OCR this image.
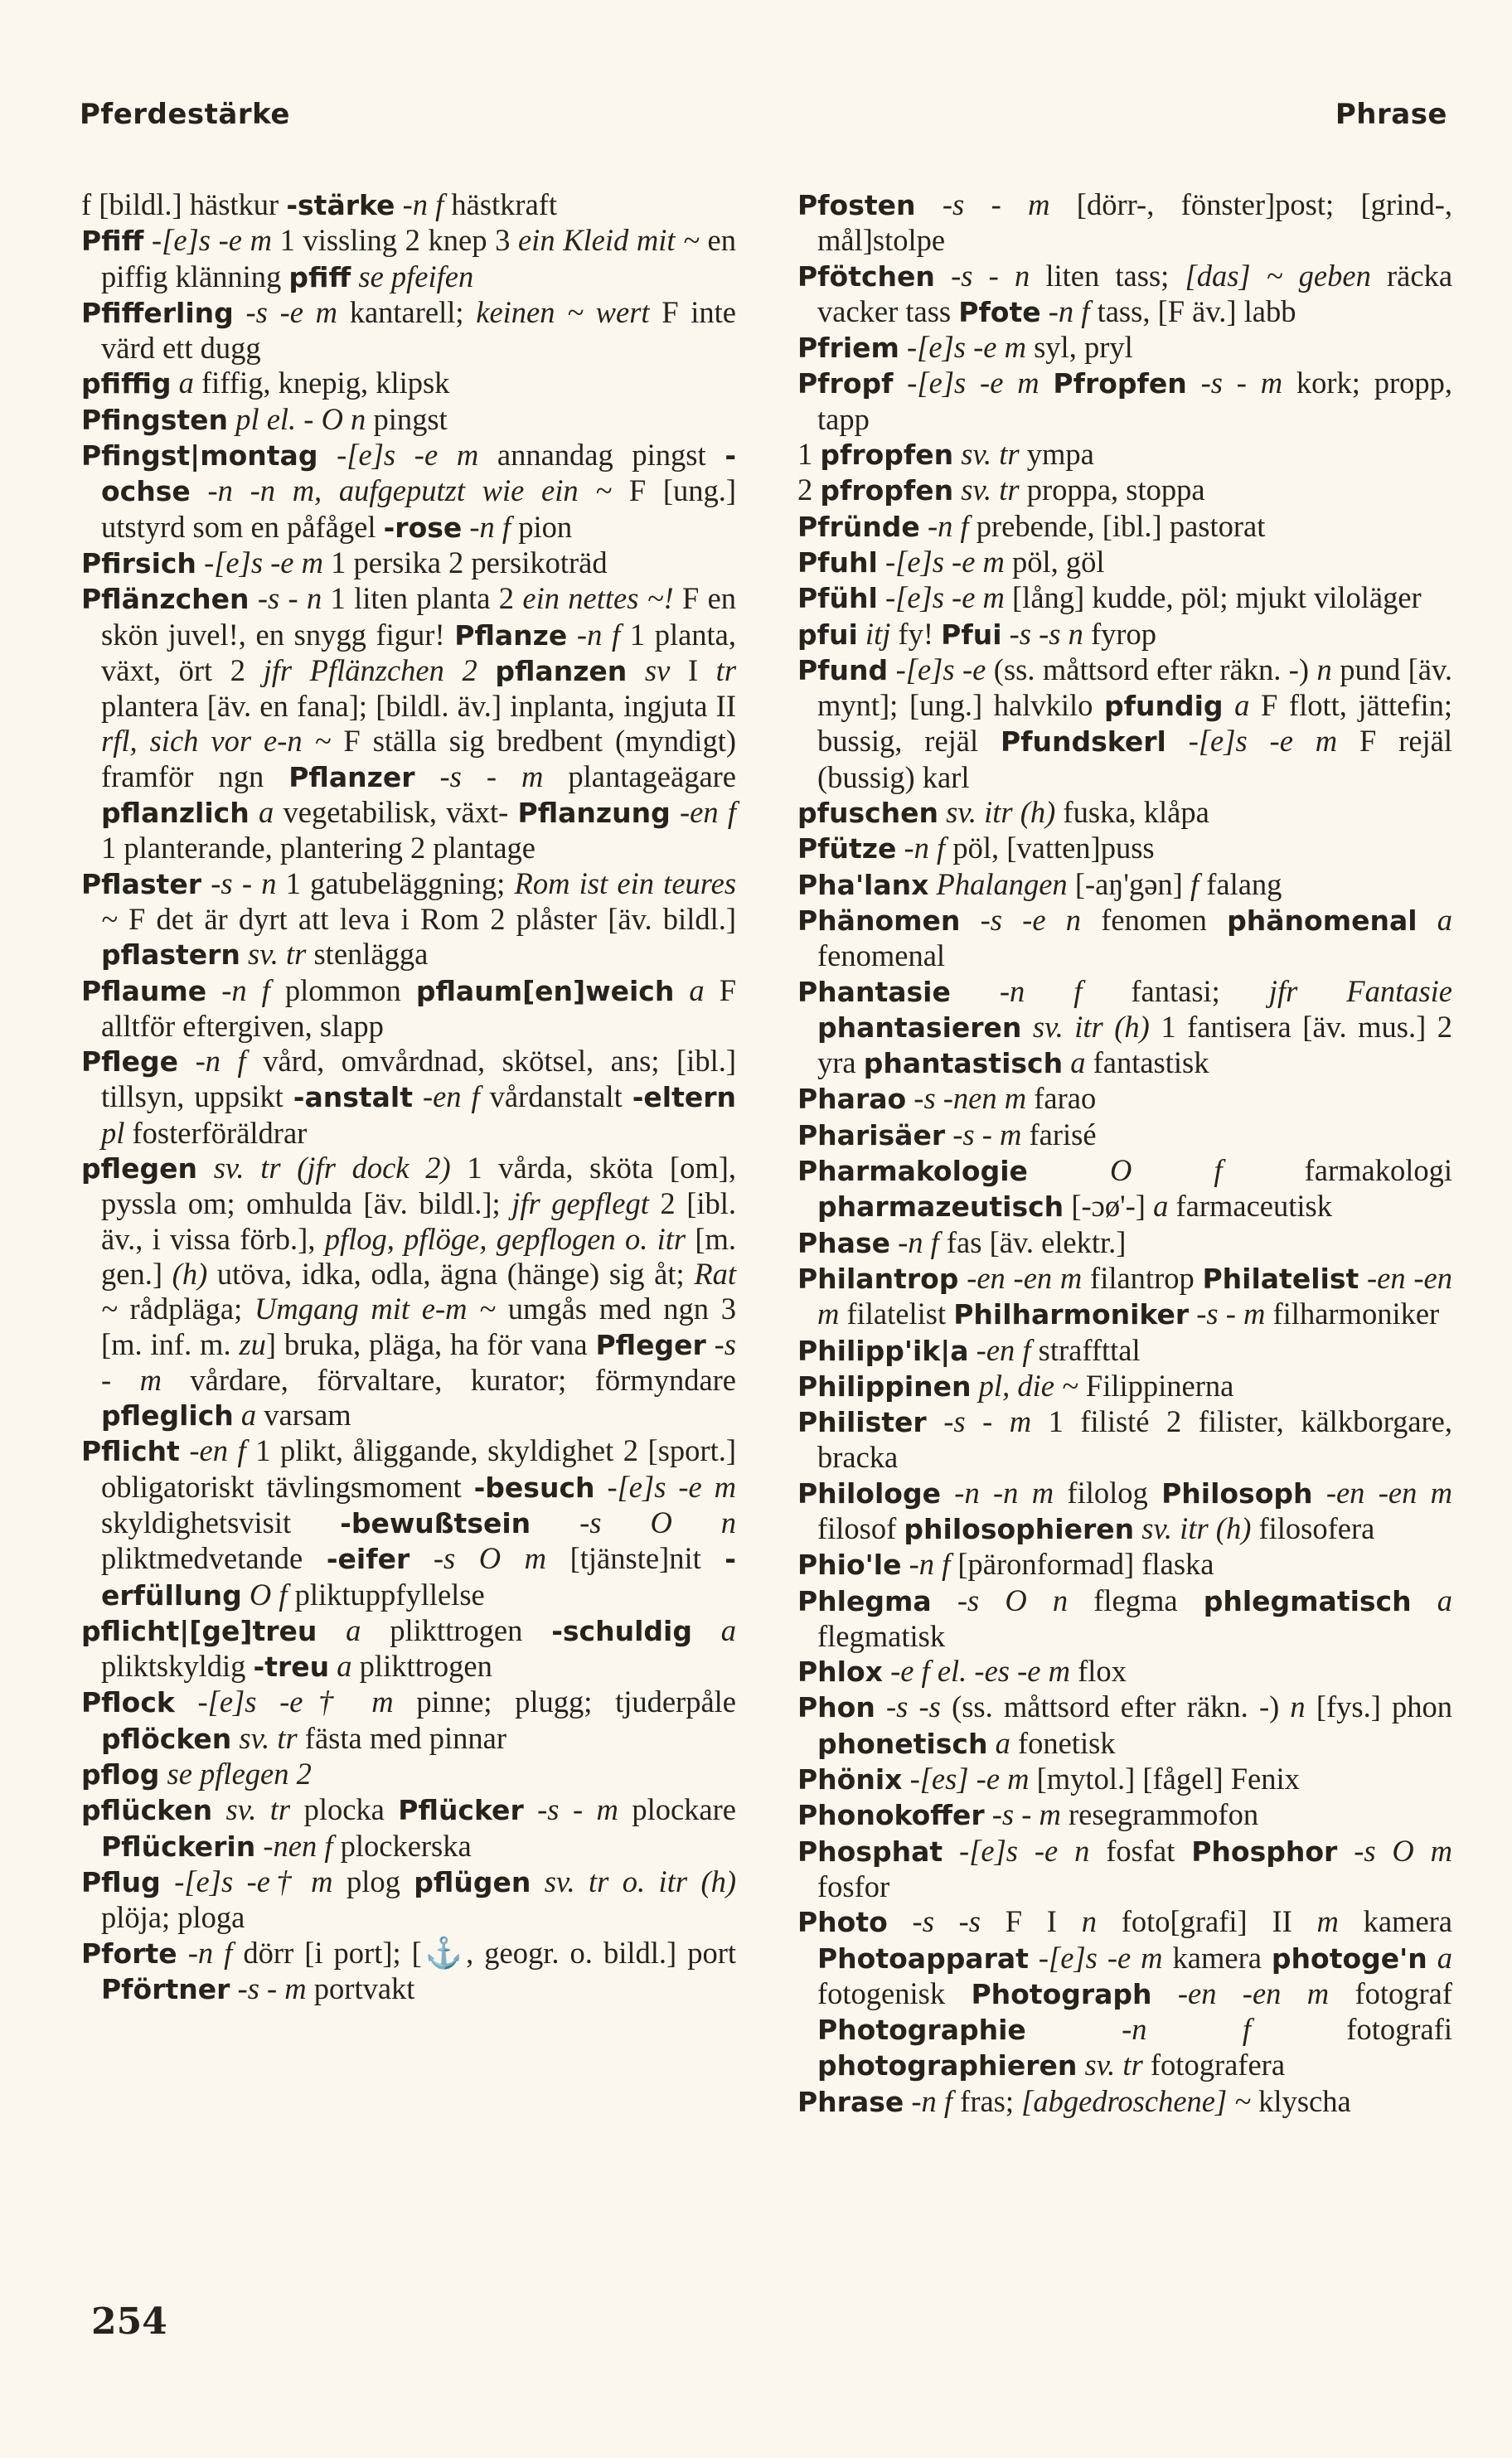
Pferdestärke	Phrase

f [bildl.] hästkur -stärke -n f hästkraft

Pfiff -[e]s -e m 1 vissling 2 knep 3 ein Kleid mit ~ en piffig klänning pfiff se pfeifen

Pfifferling -s -e m kantarell; keinen ~ wert F inte värd ett dugg

pfiffig a fiffig, knepig, klipsk

Pfingsten pl el. - O n pingst

Pfingst|montag -[e]s -e m annandag pingst -ochse -n -n m, aufgeputzt wie ein ~ F [ung.] utstyrd som en påfågel -rose -n f pion

Pfirsich -[e]s -e m 1 persika 2 persikoträd

Pflänzchen -s - n 1 liten planta 2 ein nettes ~! F en skön juvel!, en snygg figur! Pflanze -n f 1 planta, växt, ört 2 jfr Pflänzchen 2 pflanzen sv I tr plantera [äv. en fana]; [bildl. äv.] inplanta, ingjuta II rfl, sich vor e-n ~ F ställa sig bredbent (myndigt) framför ngn Pflanzer -s - m plantageägare pflanzlich a vegetabilisk, växt- Pflanzung -en f 1 planterande, plantering 2 plantage

Pflaster -s - n 1 gatubeläggning; Rom ist ein teures ~ F det är dyrt att leva i Rom 2 plåster [äv. bildl.] pflastern sv. tr stenlägga

Pflaume -n f plommon pflaum[en]weich a F alltför eftergiven, slapp

Pflege -n f vård, omvårdnad, skötsel, ans; [ibl.] tillsyn, uppsikt -anstalt -en f vårdanstalt -eltern pl fosterföräldrar

pflegen sv. tr (jfr dock 2) 1 vårda, sköta [om], pyssla om; omhulda [äv. bildl.]; jfr gepflegt 2 [ibl. äv., i vissa förb.], pflog, pflöge, gepflogen o. itr [m. gen.] (h) utöva, idka, odla, ägna (hänge) sig åt; Rat ~ rådpläga; Umgang mit e-m ~ umgås med ngn 3 [m. inf. m. zu] bruka, pläga, ha för vana Pfleger -s - m vårdare, förvaltare, kurator; förmyndare pfleglich a varsam

Pflicht -en f 1 plikt, åliggande, skyldighet 2 [sport.] obligatoriskt tävlingsmoment -besuch -[e]s -e m skyldighetsvisit -bewußtsein -s O n pliktmedvetande -eifer -s O m [tjänste]nit -erfüllung O f pliktuppfyllelse

pflicht|[ge]treu a plikttrogen -schuldig a pliktskyldig -treu a plikttrogen

Pflock -[e]s -e† m pinne; plugg; tjuderpåle pflöcken sv. tr fästa med pinnar

pflog se pflegen 2

pflücken sv. tr plocka Pflücker -s - m plockare Pflückerin -nen f plockerska

Pflug -[e]s -e† m plog pflügen sv. tr o. itr (h) plöja; ploga

Pforte -n f dörr [i port]; [⚓, geogr. o. bildl.] port Pförtner -s - m portvakt

Pfosten -s - m [dörr-, fönster]post; [grind-, mål]stolpe

Pfötchen -s - n liten tass; [das] ~ geben räcka vacker tass Pfote -n f tass, [F äv.] labb

Pfriem -[e]s -e m syl, pryl

Pfropf -[e]s -e m Pfropfen -s - m kork; propp, tapp

1 pfropfen sv. tr ympa

2 pfropfen sv. tr proppa, stoppa

Pfründe -n f prebende, [ibl.] pastorat

Pfuhl -[e]s -e m pöl, göl

Pfühl -[e]s -e m [lång] kudde, pöl; mjukt viloläger

pfui itj fy! Pfui -s -s n fyrop

Pfund -[e]s -e (ss. måttsord efter räkn. -) n pund [äv. mynt]; [ung.] halvkilo pfundig a F flott, jättefin; bussig, rejäl Pfundskerl -[e]s -e m F rejäl (bussig) karl

pfuschen sv. itr (h) fuska, klåpa

Pfütze -n f pöl, [vatten]puss

Pha'lanx Phalangen [-aŋ'gən] f falang

Phänomen -s -e n fenomen phänomenal a fenomenal

Phantasie -n f fantasi; jfr Fantasie phantasieren sv. itr (h) 1 fantisera [äv. mus.] 2 yra phantastisch a fantastisk

Pharao -s -nen m farao

Pharisäer -s - m farisé

Pharmakologie	O f farmakologi pharmazeutisch [-ɔø'-] a farmaceutisk

Phase -n f fas [äv. elektr.]

Philantrop -en -en m filantrop Philatelist -en -en m filatelist Philharmoniker -s - m filharmoniker

Philipp'ik|a -en f straffttal

Philippinen pl, die ~ Filippinerna

Philister -s - m 1 filisté 2 filister, kälkborgare, bracka

Philologe -n -n m filolog Philosoph -en -en m filosof philosophieren sv. itr (h) filosofera

Phio'le -n f [päronformad] flaska

Phlegma -s O n flegma phlegmatisch a flegmatisk

Phlox -e f el. -es -e m flox

Phon -s -s (ss. måttsord efter räkn. -) n [fys.] phon phonetisch a fonetisk

Phönix -[es] -e m [mytol.] [fågel] Fenix

Phonokoffer -s - m resegrammofon

Phosphat -[e]s -e n fosfat Phosphor -s O m fosfor

Photo -s -s F I n foto[grafi] II m kamera Photoapparat -[e]s -e m kamera photoge'n a fotogenisk Photograph -en -en m fotograf Photographie	-n f fotografi photographieren sv. tr fotografera

Phrase -n f fras; [abgedroschene] ~ klyscha

254
